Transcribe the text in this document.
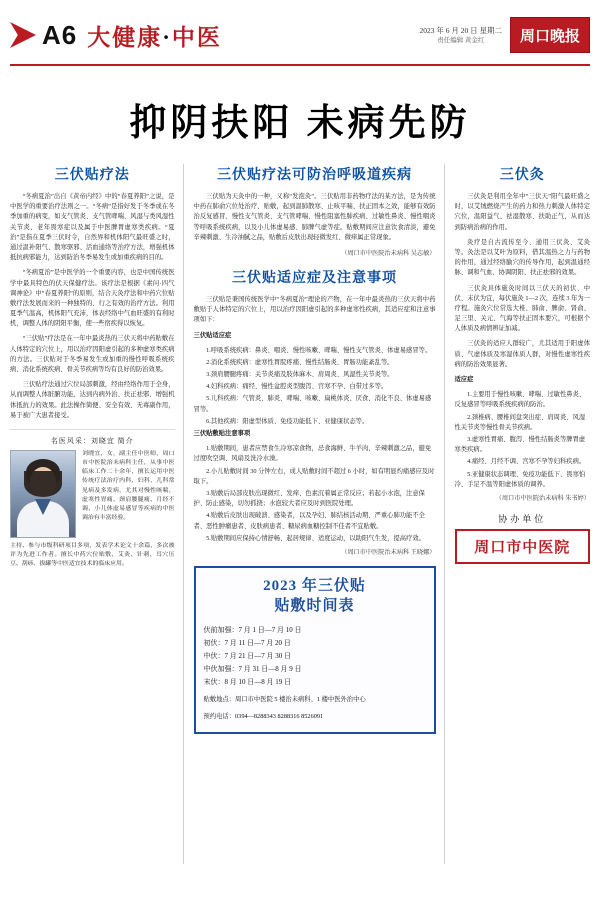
A6 大健康·中医	2023 年 6 月 20 日 星期二
责任编辑 黄金红	周口晚报
抑阴扶阳 未病先防
三伏贴疗法

“冬病夏治”出自《黄帝内经》中的“春夏养阳”之说，是中医学的重要治疗法则之一。“冬病”是指好发于冬季或在冬季加重的病变，如支气管炎、支气管哮喘、风湿与类风湿性关节炎、老年畏寒症以及属于中医脾胃虚寒类疾病。“夏治”是指在夏季三伏时令，自然界和机体阳气最旺盛之时，通过温补阳气、散寒驱邪、活血通络等治疗方法，增强机体抵抗病邪能力，达到防治冬季易发生或加重疾病的目的。

“冬病夏治”是中医学的一个重要内容，也是中国传统医学中最具特色的伏天保健疗法。该疗法是根据《素问·四气调神论》中“春夏养阳”的原则，结合天灸疗法和中药穴位贴敷疗法发展而来的一种独特的、行之有效的治疗方法。利用夏季气温高，机体阳气充沛，体表经络中气血旺盛的有利时机，调整人体的阴阳平衡，使一些宿疾得以恢复。

“三伏贴”疗法是在一年中最炎热的三伏天将中药贴敷在人体特定的穴位上，用以治疗因阳虚引起的多种虚寒类疾病的方法。三伏贴对于冬季易发生或加重的慢性呼吸系统疾病、消化系统疾病、骨关节疾病等均有良好的防治效果。

三伏贴疗法通过穴位局部刺激，经由经络作用于全身，从而调整人体脏腑功能，达到内病外治、扶正祛邪、增强机体抵抗力的效果。此法操作简便、安全有效、无毒副作用，易于被广大患者接受。

名医风采：刘晓宜 简介
刘晓宜，女，副主任中医师，周口市中医院治未病科主任，从事中医临床工作二十余年，擅长运用中医传统疗法治疗内科、妇科、儿科常见病及多发病，尤其对慢性咳喘、虚寒性胃痛、颈肩腰腿痛、月经不调、小儿体虚易感冒等疾病的中医调治有丰富经验。
主持、参与市级科研项目多项，发表学术论文十余篇，多次被评为先进工作者。擅长中药穴位贴敷、艾灸、针刺、耳穴压豆、刮痧、拔罐等中医适宜技术的临床应用。
三伏贴疗法可防治呼吸道疾病

三伏贴为天灸中的一种，又称“发泡灸”。三伏贴用非药物疗法的某方法，是为传统中药在肺俞穴位处治疗、贴敷，起到温肺散寒、止咳平喘、扶正固本之效，能够有效防治反复感冒、慢性支气管炎、支气管哮喘、慢性阻塞性肺疾病、过敏性鼻炎、慢性咽炎等呼吸系统疾病，以及小儿体虚易感、肺脾气虚等症。贴敷期间应注意饮食清淡，避免辛辣刺激、生冷油腻之品，贴敷后皮肤出现轻微发红、微痒属正常现象。

（周口市中医院治未病科 吴志敏）
三伏贴适应症及注意事项

三伏贴是秉国传统医学中“冬病夏治”理论的产物，在一年中最炎热的三伏天将中药敷贴于人体特定的穴位上，用以治疗因阳虚引起的多种虚寒性疾病，其适应症和注意事项如下：

三伏贴适应症

1.呼吸系统疾病：鼻炎、咽炎、慢性咳嗽、哮喘、慢性支气管炎、体虚易感冒等。

2.消化系统疾病：虚寒性胃脘疼痛、慢性结肠炎、胃肠功能紊乱等。

3.颈肩腰腿疼痛：关节炎痛及肢体麻木、肩周炎、风湿性关节炎等。

4.妇科疾病：痛经、慢性盆腔炎型腹泻、宫寒不孕、白带过多等。

5.儿科疾病：气管炎、肺炎、哮喘、咳嗽、扁桃体炎、厌食、消化不良、体虚易感冒等。

6.其他疾病：阳虚型体质、免疫功能低下、亚健康状态等。

三伏贴敷贴注意事项

1.贴敷期间，患者应禁食生冷寒凉食物，忌食海鲜、牛羊肉、辛辣刺激之品，避免过度吹空调、风扇及洗冷水澡。

2.小儿贴敷时间 30 分钟左右，成人贴敷时间不超过 6 小时，如有明显灼痛感应及时取下。

3.贴敷后局部皮肤出现微红、发痒、色素沉着属正常反应；若起小水泡，注意保护、防止感染，切勿抓挠；水泡较大者应及时到医院处理。

4.贴敷后皮肤出现破溃、感染者，以及孕妇、肺结核活动期、严重心肺功能不全者、恶性肿瘤患者、皮肤病患者、糖尿病血糖控制不佳者不宜贴敷。

5.贴敷期间应保持心情舒畅、起居规律、适度运动，以助阳气生发，提高疗效。

（周口市中医院治未病科 王晓娜）
2023 年三伏贴
贴敷时间表
伏前加强：7 月 1 日—7 月 10 日
初伏：7 月 11 日—7 月 20 日
中伏：7 月 21 日—7 月 30 日
中伏加强：7 月 31 日—8 月 9 日
末伏：8 月 10 日—8 月 19 日
贴敷地点：周口市中医院 5 楼治未病科、1 楼中医外治中心
预约电话：0394—8288343 8288316 8526091
三伏灸

三伏灸是利用全年中“三伏天”阳气最旺盛之时，以艾绒燃烧产生的药力和热力刺激人体特定穴位，温阳益气、祛湿散寒、扶助正气，从而达到防病治病的作用。

灸疗是自古流传至今、通用三伏灸、艾灸等。灸法是以艾叶为原料，借其温热之力与药物的作用，通过经络腧穴的传导作用，起到温通经脉、调和气血、协调阴阳、扶正祛邪的效果。

三伏灸具体施灸时间以三伏天的初伏、中伏、末伏为宜，每伏施灸 1—2 次，连续 3 年为一疗程。施灸穴位常选大椎、肺俞、脾俞、肾俞、足三里、关元、气海等扶正固本要穴，可根据个人体质及病情辨证加减。

三伏灸的适应人群较广，尤其适用于阳虚体质、气虚体质及寒湿体质人群，对慢性虚寒性疾病的防治效果显著。

适应症

1.主要用于慢性咳嗽、哮喘、过敏性鼻炎、反复感冒等呼吸系统疾病的防治。

2.颈椎病、腰椎间盘突出症、肩周炎、风湿性关节炎等慢性骨关节疾病。

3.虚寒性胃痛、腹泻、慢性结肠炎等脾胃虚寒类疾病。

4.痛经、月经不调、宫寒不孕等妇科疾病。

5.亚健康状态调理、免疫功能低下、畏寒怕冷、手足不温等阳虚体质的调养。

（周口市中医院治未病科 朱书婷）
协办单位
周口市中医院
